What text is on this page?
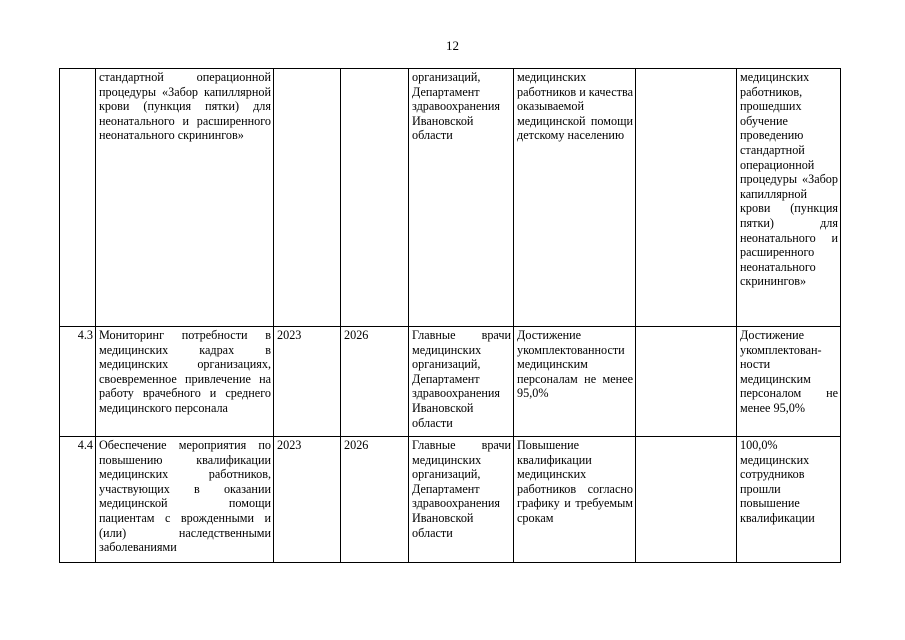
12
	стандартной операционной процедуры «Забор капиллярной крови (пункция пятки) для неонатального и расширенного неонатального скринингов»			организаций, Департамент здравоохранения Ивановской области	медицинских работников и качества оказываемой медицинской помощи детскому населению		медицинских работников, прошедших обучение проведению стандартной операционной процедуры «Забор капиллярной крови (пункция пятки) для неонатального и расширенного неонатального скринингов»
4.3	Мониторинг потребности в медицинских кадрах в медицинских организациях, своевременное привлечение на работу врачебного и среднего медицинского персонала	2023	2026	Главные врачи медицинских организаций, Департамент здравоохранения Ивановской области	Достижение укомплектованности медицинским персоналам не менее 95,0%		Достижение укомплектован-ности медицинским персоналом не менее 95,0%
4.4	Обеспечение мероприятия по повышению квалификации медицинских работников, участвующих в оказании медицинской помощи пациентам с врожденными и (или) наследственными заболеваниями	2023	2026	Главные врачи медицинских организаций, Департамент здравоохранения Ивановской области	Повышение квалификации медицинских работников согласно графику и требуемым срокам		100,0% медицинских сотрудников прошли повышение квалификации
